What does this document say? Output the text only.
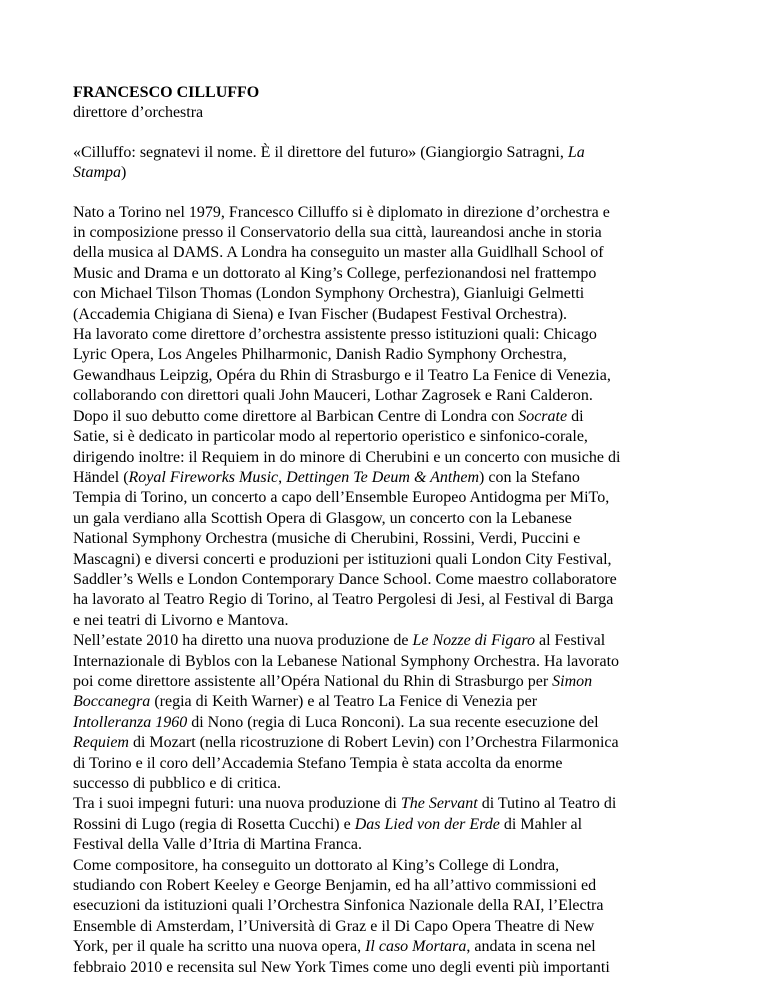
FRANCESCO CILLUFFO
direttore d’orchestra
«Cilluffo: segnatevi il nome. È il direttore del futuro» (Giangiorgio Satragni, La
Stampa)
Nato a Torino nel 1979, Francesco Cilluffo si è diplomato in direzione d’orchestra e
in composizione presso il Conservatorio della sua città, laureandosi anche in storia
della musica al DAMS. A Londra ha conseguito un master alla Guidlhall School of
Music and Drama e un dottorato al King’s College, perfezionandosi nel frattempo
con Michael Tilson Thomas (London Symphony Orchestra), Gianluigi Gelmetti
(Accademia Chigiana di Siena) e Ivan Fischer (Budapest Festival Orchestra).
Ha lavorato come direttore d’orchestra assistente presso istituzioni quali: Chicago
Lyric Opera, Los Angeles Philharmonic, Danish Radio Symphony Orchestra,
Gewandhaus Leipzig, Opéra du Rhin di Strasburgo e il Teatro La Fenice di Venezia,
collaborando con direttori quali John Mauceri, Lothar Zagrosek e Rani Calderon.
Dopo il suo debutto come direttore al Barbican Centre di Londra con Socrate di
Satie, si è dedicato in particolar modo al repertorio operistico e sinfonico-corale,
dirigendo inoltre: il Requiem in do minore di Cherubini e un concerto con musiche di
Händel (Royal Fireworks Music, Dettingen Te Deum & Anthem) con la Stefano
Tempia di Torino, un concerto a capo dell’Ensemble Europeo Antidogma per MiTo,
un gala verdiano alla Scottish Opera di Glasgow, un concerto con la Lebanese
National Symphony Orchestra (musiche di Cherubini, Rossini, Verdi, Puccini e
Mascagni) e diversi concerti e produzioni per istituzioni quali London City Festival,
Saddler’s Wells e London Contemporary Dance School. Come maestro collaboratore
ha lavorato al Teatro Regio di Torino, al Teatro Pergolesi di Jesi, al Festival di Barga
e nei teatri di Livorno e Mantova.
Nell’estate 2010 ha diretto una nuova produzione de Le Nozze di Figaro al Festival
Internazionale di Byblos con la Lebanese National Symphony Orchestra. Ha lavorato
poi come direttore assistente all’Opéra National du Rhin di Strasburgo per Simon
Boccanegra (regia di Keith Warner) e al Teatro La Fenice di Venezia per
Intolleranza 1960 di Nono (regia di Luca Ronconi). La sua recente esecuzione del
Requiem di Mozart (nella ricostruzione di Robert Levin) con l’Orchestra Filarmonica
di Torino e il coro dell’Accademia Stefano Tempia è stata accolta da enorme
successo di pubblico e di critica.
Tra i suoi impegni futuri: una nuova produzione di The Servant di Tutino al Teatro di
Rossini di Lugo (regia di Rosetta Cucchi) e Das Lied von der Erde di Mahler al
Festival della Valle d’Itria di Martina Franca.
Come compositore, ha conseguito un dottorato al King’s College di Londra,
studiando con Robert Keeley e George Benjamin, ed ha all’attivo commissioni ed
esecuzioni da istituzioni quali l’Orchestra Sinfonica Nazionale della RAI, l’Electra
Ensemble di Amsterdam, l’Università di Graz e il Di Capo Opera Theatre di New
York, per il quale ha scritto una nuova opera, Il caso Mortara, andata in scena nel
febbraio 2010 e recensita sul New York Times come uno degli eventi più importanti
